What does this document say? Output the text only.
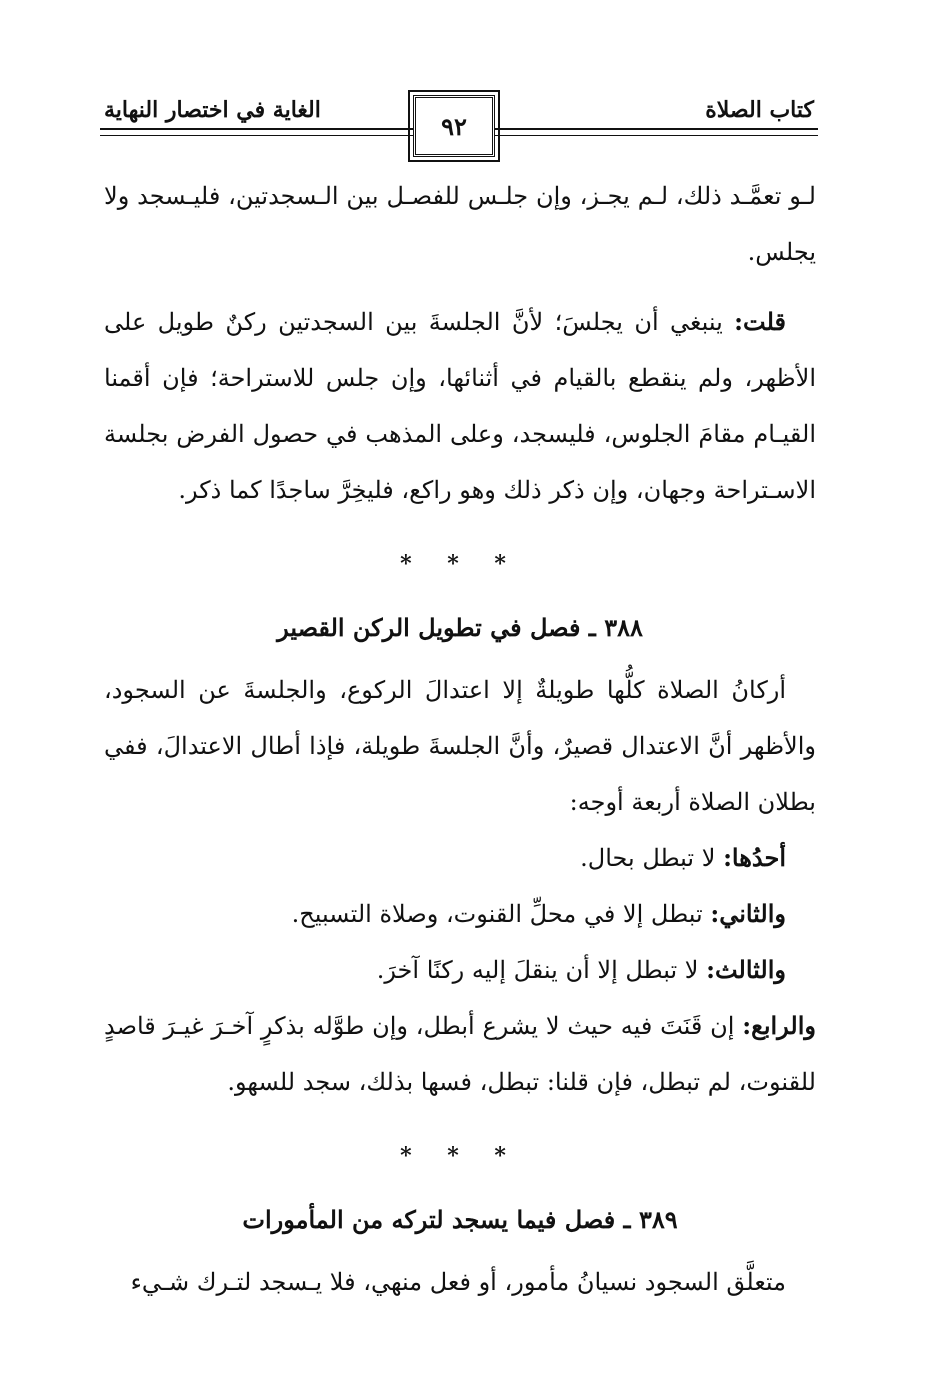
كتاب الصلاة
الغاية في اختصار النهاية
٩٢

لـو تعمَّـد ذلك، لـم يجـز، وإن جلـس للفصـل بين الـسجدتين، فليـسجد ولا يجلس.

قلت: ينبغي أن يجلسَ؛ لأنَّ الجلسةَ بين السجدتين ركنٌ طويل على الأظهر، ولم ينقطع بالقيام في أثنائها، وإن جلس للاستراحة؛ فإن أقمنا القيـام مقامَ الجلوس، فليسجد، وعلى المذهب في حصول الفرض بجلسة الاسـتراحة وجهان، وإن ذكر ذلك وهو راكع، فليخِرَّ ساجدًا كما ذكر.

* * *

٣٨٨ ـ فصل في تطويل الركن القصير

أركانُ الصلاة كلُّها طويلةٌ إلا اعتدالَ الركوع، والجلسةَ عن السجود، والأظهر أنَّ الاعتدال قصيرٌ، وأنَّ الجلسةَ طويلة، فإذا أطال الاعتدالَ، ففي بطلان الصلاة أربعة أوجه:

أحدُها: لا تبطل بحال.

والثاني: تبطل إلا في محلِّ القنوت، وصلاة التسبيح.

والثالث: لا تبطل إلا أن ينقلَ إليه ركنًا آخرَ.

والرابع: إن قَنَتَ فيه حيث لا يشرع أبطل، وإن طوَّله بذكرٍ آخـرَ غيـرَ قاصدٍ للقنوت، لم تبطل، فإن قلنا: تبطل، فسها بذلك، سجد للسهو.

* * *

٣٨٩ ـ فصل فيما يسجد لتركه من المأمورات

متعلَّق السجود نسيانُ مأمور، أو فعل منهي، فلا يـسجد لتـرك شـيء
